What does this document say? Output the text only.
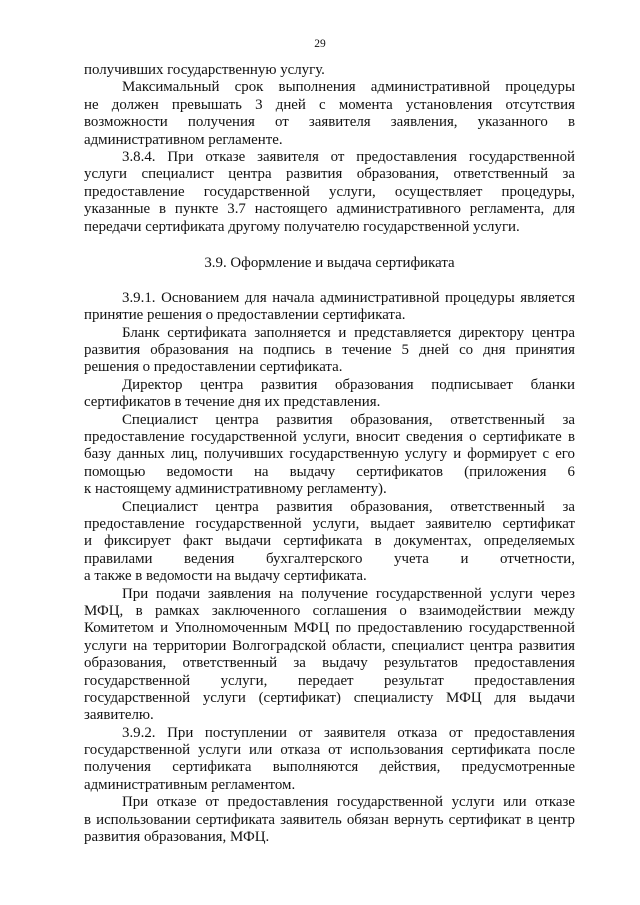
29
получивших государственную услугу.
Максимальный срок выполнения административной процедуры
не должен превышать 3 дней с момента установления отсутствия
возможности получения от заявителя заявления, указанного в
административном регламенте.
3.8.4. При отказе заявителя от предоставления государственной
услуги специалист центра развития образования, ответственный за
предоставление государственной услуги, осуществляет процедуры,
указанные в пункте 3.7 настоящего административного регламента, для
передачи сертификата другому получателю государственной услуги.
3.9. Оформление и выдача сертификата
3.9.1. Основанием для начала административной процедуры является
принятие решения о предоставлении сертификата.
Бланк сертификата заполняется и представляется директору центра
развития образования на подпись в течение 5 дней со дня принятия
решения о предоставлении сертификата.
Директор центра развития образования подписывает бланки
сертификатов в течение дня их представления.
Специалист центра развития образования, ответственный за
предоставление государственной услуги, вносит сведения о сертификате в
базу данных лиц, получивших государственную услугу и формирует с его
помощью ведомости на выдачу сертификатов (приложения 6
к настоящему административному регламенту).
Специалист центра развития образования, ответственный за
предоставление государственной услуги, выдает заявителю сертификат
и фиксирует факт выдачи сертификата в документах, определяемых
правилами ведения бухгалтерского учета и отчетности,
а также в ведомости на выдачу сертификата.
При подачи заявления на получение государственной услуги через
МФЦ, в рамках заключенного соглашения о взаимодействии между
Комитетом и Уполномоченным МФЦ по предоставлению государственной
услуги на территории Волгоградской области, специалист центра развития
образования, ответственный за выдачу результатов предоставления
государственной услуги, передает результат предоставления
государственной услуги (сертификат) специалисту МФЦ для выдачи
заявителю.
3.9.2. При поступлении от заявителя отказа от предоставления
государственной услуги или отказа от использования сертификата после
получения сертификата выполняются действия, предусмотренные
административным регламентом.
При отказе от предоставления государственной услуги или отказе
в использовании сертификата заявитель обязан вернуть сертификат в центр
развития образования, МФЦ.
